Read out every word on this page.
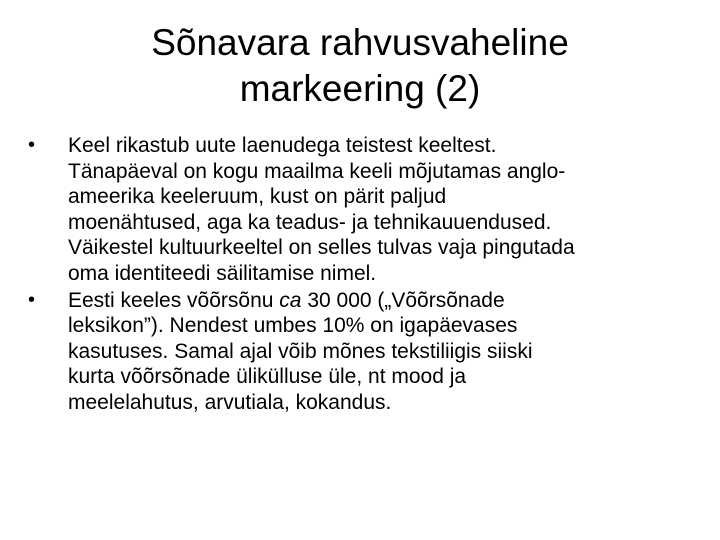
Sõnavara rahvusvaheline
markeering (2)
• Keel rikastub uute laenudega teistest keeltest.
Tänapäeval on kogu maailma keeli mõjutamas anglo-
ameerika keeleruum, kust on pärit paljud
moenähtused, aga ka teadus- ja tehnikauuendused.
Väikestel kultuurkeeltel on selles tulvas vaja pingutada
oma identiteedi säilitamise nimel.
• Eesti keeles võõrsõnu ca 30 000 („Võõrsõnade
leksikon”). Nendest umbes 10% on igapäevases
kasutuses. Samal ajal võib mõnes tekstiliigis siiski
kurta võõrsõnade ülikülluse üle, nt mood ja
meelelahutus, arvutiala, kokandus.
